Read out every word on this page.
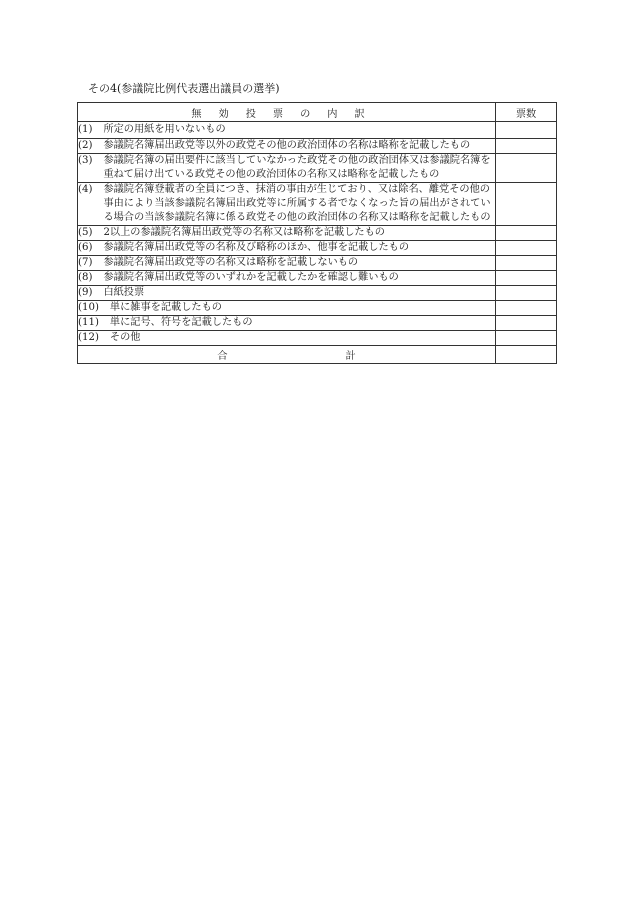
その4(参議院比例代表選出議員の選挙)
無効投票の内訳	票数

(1) 所定の用紙を用いないもの	

(2) 参議院名簿届出政党等以外の政党その他の政治団体の名称は略称を記載したもの	

(3) 参議院名簿の届出要件に該当していなかった政党その他の政治団体又は参議院名簿を重ねて届け出ている政党その他の政治団体の名称又は略称を記載したもの	

(4) 参議院名簿登載者の全員につき、抹消の事由が生じており、又は除名、離党その他の事由により当該参議院名簿届出政党等に所属する者でなくなった旨の届出がされている場合の当該参議院名簿に係る政党その他の政治団体の名称又は略称を記載したもの	

(5) 2以上の参議院名簿届出政党等の名称又は略称を記載したもの	

(6) 参議院名簿届出政党等の名称及び略称のほか、他事を記載したもの	

(7) 参議院名簿届出政党等の名称又は略称を記載しないもの	

(8) 参議院名簿届出政党等のいずれかを記載したかを確認し難いもの	

(9) 白紙投票	

(10) 単に雑事を記載したもの	

(11) 単に記号、符号を記載したもの	

(12) その他	

合 計	
